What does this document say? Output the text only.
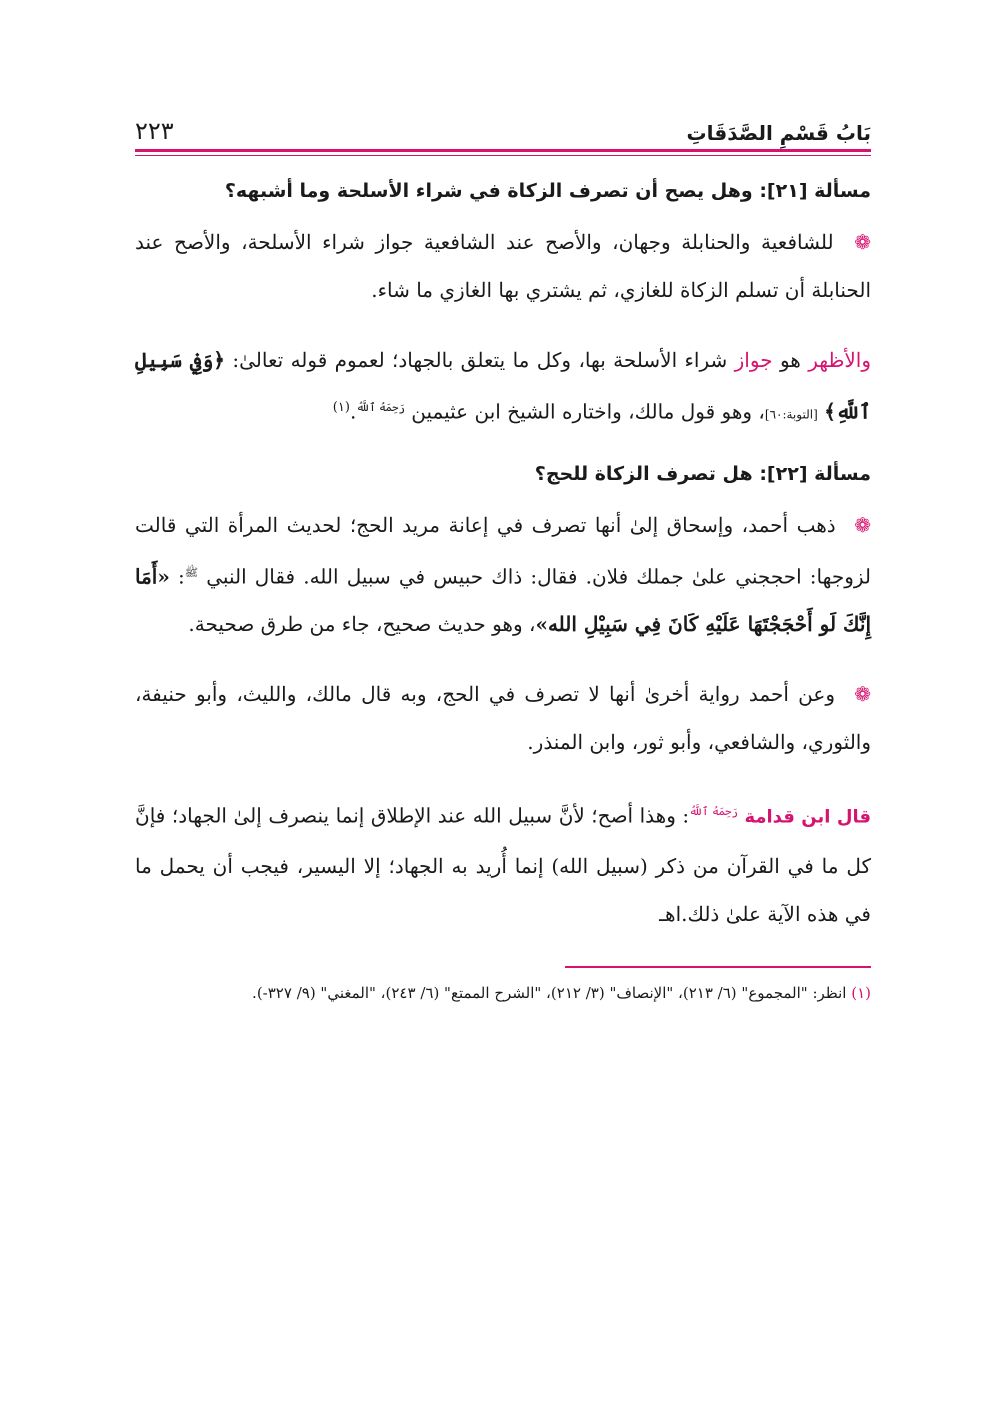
بَابُ قَسْمِ الصَّدَقَاتِ
٢٢٣

مسألة [٢١]: وهل يصح أن تصرف الزكاة في شراء الأسلحة وما أشبهه؟

❁ للشافعية والحنابلة وجهان، والأصح عند الشافعية جواز شراء الأسلحة، والأصح عند الحنابلة أن تسلم الزكاة للغازي، ثم يشتري بها الغازي ما شاء.

والأظهر هو جواز شراء الأسلحة بها، وكل ما يتعلق بالجهاد؛ لعموم قوله تعالىٰ: ﴿وَفِي سَبِيلِ ٱللَّهِ﴾ [التوبة:٦٠]، وهو قول مالك، واختاره الشيخ ابن عثيمين $^{رَحِمَهُ ٱللَّهُ}$.$^{(١)}$

مسألة [٢٢]: هل تصرف الزكاة للحج؟

❁ ذهب أحمد، وإسحاق إلىٰ أنها تصرف في إعانة مريد الحج؛ لحديث المرأة التي قالت لزوجها: احججني علىٰ جملك فلان. فقال: ذاك حبيس في سبيل الله. فقال النبي $^ﷺ$: «أَمَا إِنَّكَ لَو أَحْجَجْتَهَا عَلَيْهِ كَانَ فِي سَبِيْلِ الله»، وهو حديث صحيح، جاء من طرق صحيحة.

❁ وعن أحمد رواية أخرىٰ أنها لا تصرف في الحج، وبه قال مالك، والليث، وأبو حنيفة، والثوري، والشافعي، وأبو ثور، وابن المنذر.

قال ابن قدامة $^{رَحِمَهُ ٱللَّهُ}$: وهذا أصح؛ لأنَّ سبيل الله عند الإطلاق إنما ينصرف إلىٰ الجهاد؛ فإنَّ كل ما في القرآن من ذكر (سبيل الله) إنما أُريد به الجهاد؛ إلا اليسير، فيجب أن يحمل ما في هذه الآية علىٰ ذلك.اهـ

(١) انظر: "المجموع" (٦/ ٢١٣)، "الإنصاف" (٣/ ٢١٢)، "الشرح الممتع" (٦/ ٢٤٣)، "المغني" (٩/ ٣٢٧-).
